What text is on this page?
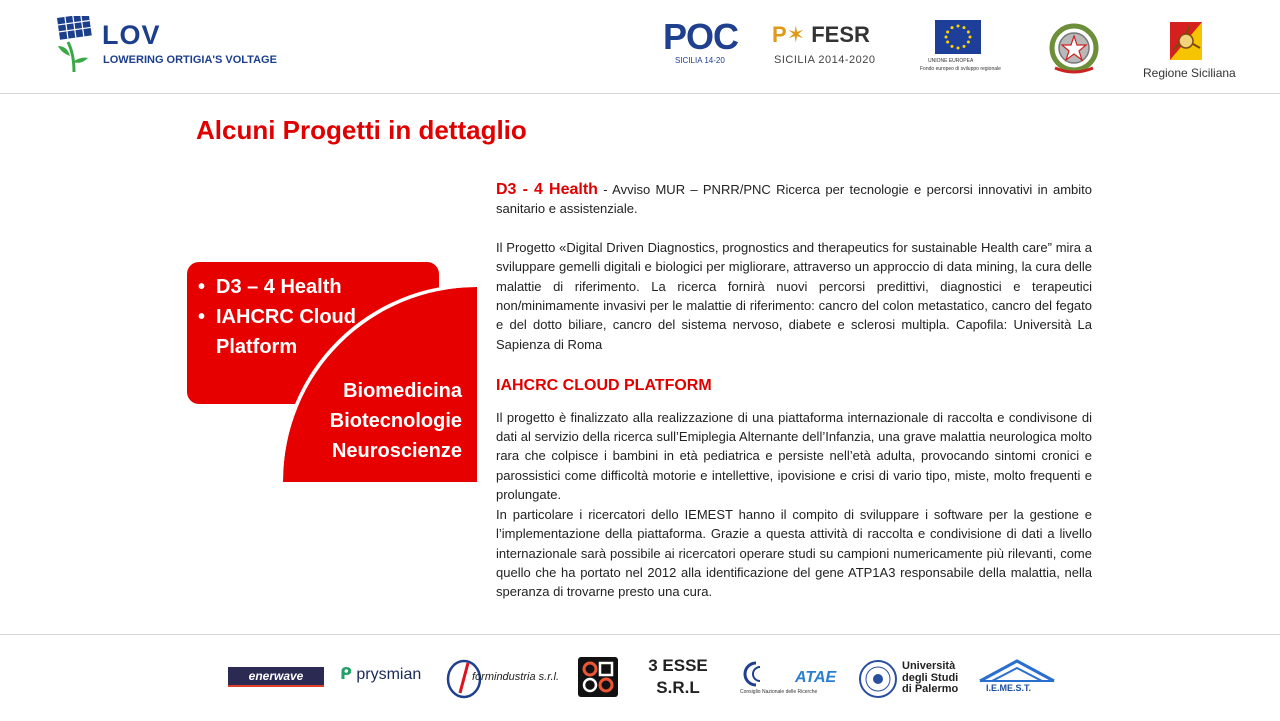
LOV
LOWERING ORTIGIA'S VOLTAGE
POC
SICILIA 14-20
P✶ FESR
SICILIA 2014-2020	UNIONE EUROPEA
Fondo europeo di sviluppo regionale	Regione Siciliana
Alcuni Progetti in dettaglio
• D3 – 4 Health
• IAHCRC Cloud Platform
Biomedicina
Biotecnologie
Neuroscienze

D3 - 4 Health - Avviso MUR – PNRR/PNC Ricerca per tecnologie e percorsi innovativi in ambito sanitario e assistenziale.

Il Progetto «Digital Driven Diagnostics, prognostics and therapeutics for sustainable Health care” mira a sviluppare gemelli digitali e biologici per migliorare, attraverso un approccio di data mining, la cura delle malattie di riferimento. La ricerca fornirà nuovi percorsi predittivi, diagnostici e terapeutici non/minimamente invasivi per le malattie di riferimento: cancro del colon metastatico, cancro del fegato e del dotto biliare, cancro del sistema nervoso, diabete e sclerosi multipla. Capofila: Università La Sapienza di Roma

IAHCRC CLOUD PLATFORM

Il progetto è finalizzato alla realizzazione di una piattaforma internazionale di raccolta e condivisone di dati al servizio della ricerca sull’Emiplegia Alternante dell’Infanzia, una grave malattia neurologica molto rara che colpisce i bambini in età pediatrica e persiste nell’età adulta, provocando sintomi cronici e parossistici come difficoltà motorie e intellettive, ipovisione e crisi di vario tipo, miste, molto frequenti e prolungate.

In particolare i ricercatori dello IEMEST hanno il compito di sviluppare i software per la gestione e l’implementazione della piattaforma. Grazie a questa attività di raccolta e condivisione di dati a livello internazionale sarà possibile ai ricercatori operare studi su campioni numericamente più rilevanti, come quello che ha portato nel 2012 alla identificazione del gene ATP1A3 responsabile della malattia, nella speranza di trovarne presto una cura.

enerwave	ᑭ prysmian	formindustria s.r.l.
3 ESSE
S.R.L	Consiglio Nazionale delle Ricerche
ATAE
Università
degli Studi
di Palermo	I.E.ME.S.T.
